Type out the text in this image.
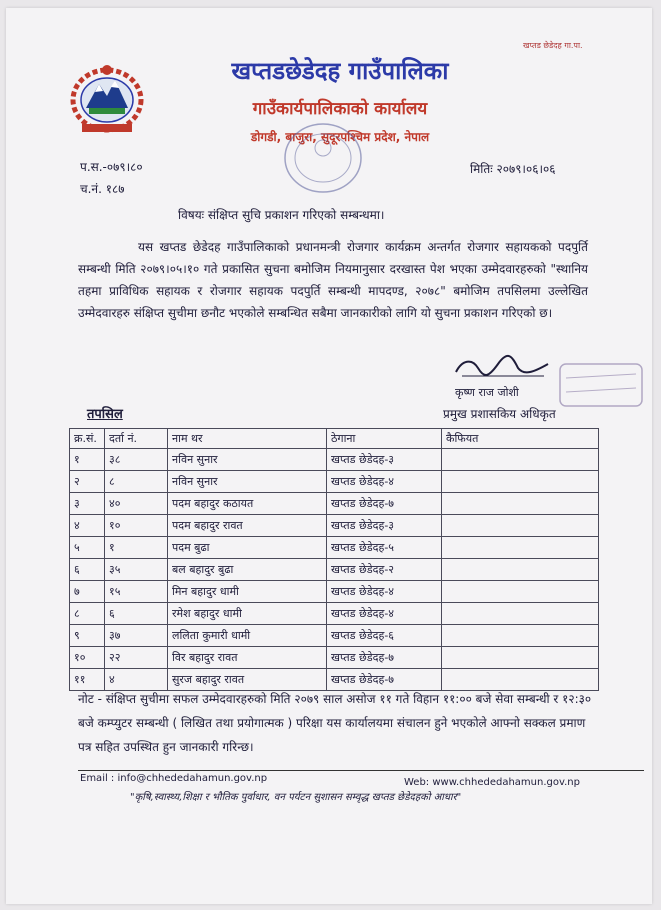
खप्तड छेडेदह गा.पा.
खप्तडछेडेदह गाउँपालिका
गाउँकार्यपालिकाको कार्यालय
डोगडी, बाजुरा, सुदूरपश्चिम प्रदेश, नेपाल
प.स.-०७९।८०
च.नं. १८७
मितिः २०७९।०६।०६
विषयः संक्षिप्त सुचि प्रकाशन गरिएको सम्बन्धमा।
यस खप्तड छेडेदह गाउँपालिकाको प्रधानमन्त्री रोजगार कार्यक्रम अन्तर्गत रोजगार सहायकको पदपुर्ति सम्बन्धी मिति २०७९।०५।१० गते प्रकासित सुचना बमोजिम नियमानुसार दरखास्त पेश भएका उम्मेदवारहरुको "स्थानिय तहमा प्राविधिक सहायक र रोजगार सहायक पदपुर्ति सम्बन्धी मापदण्ड, २०७८" बमोजिम तपसिलमा उल्लेखित उम्मेदवारहरु संक्षिप्त सुचीमा छनौट भएकोले सम्बन्धित सबैमा जानकारीको लागि यो सुचना प्रकाशन गरिएको छ।
कृष्ण राज जोशी
प्रमुख प्रशासकिय अधिकृत
तपसिल
क्र.सं.	दर्ता नं.	नाम थर	ठेगाना	कैफियत
१	३८	नविन सुनार	खप्तड छेडेदह-३	
२	८	नविन सुनार	खप्तड छेडेदह-४	
३	४०	पदम बहादुर कठायत	खप्तड छेडेदह-७	
४	१०	पदम बहादुर रावत	खप्तड छेडेदह-३	
५	१	पदम बुढा	खप्तड छेडेदह-५	
६	३५	बल बहादुर बुढा	खप्तड छेडेदह-२	
७	१५	मिन बहादुर धामी	खप्तड छेडेदह-४	
८	६	रमेश बहादुर धामी	खप्तड छेडेदह-४	
९	३७	ललिता कुमारी धामी	खप्तड छेडेदह-६	
१०	२२	विर बहादुर रावत	खप्तड छेडेदह-७	
११	४	सुरज बहादुर रावत	खप्तड छेडेदह-७	
नोट - संक्षिप्त सुचीमा सफल उम्मेदवारहरुको मिति २०७९ साल असोज ११ गते विहान ११:०० बजे सेवा सम्बन्धी र १२:३० बजे कम्प्युटर सम्बन्धी ( लिखित तथा प्रयोगात्मक ) परिक्षा यस कार्यालयमा संचालन हुने भएकोले आफ्नो सक्कल प्रमाण पत्र सहित उपस्थित हुन जानकारी गरिन्छ।
Email : info@chhededahamun.gov.np	Web: www.chhededahamun.gov.np
"कृषि,स्वास्थ्य,शिक्षा र भौतिक पुर्वाधार, वन पर्यटन सुशासन सम्वृद्ध खप्तड छेडेदहको आधार"
